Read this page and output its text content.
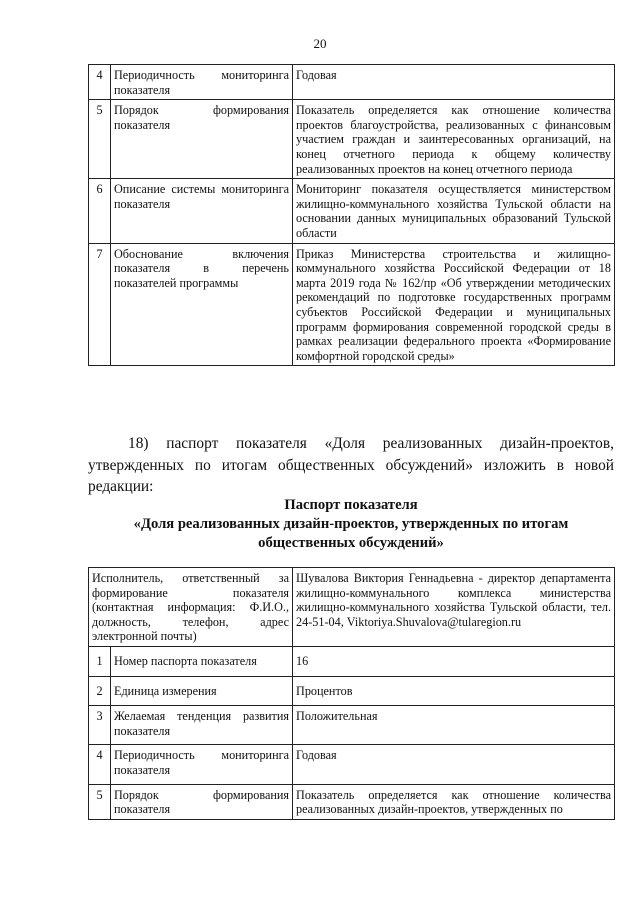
20
4	Периодичность мониторинга показателя	Годовая
5	Порядок формирования показателя	Показатель определяется как отношение количества проектов благоустройства, реализованных с финансовым участием граждан и заинтересованных организаций, на конец отчетного периода к общему количеству реализованных проектов на конец отчетного периода
6	Описание системы мониторинга показателя	Мониторинг показателя осуществляется министерством жилищно-коммунального хозяйства Тульской области на основании данных муниципальных образований Тульской области
7	Обоснование включения показателя в перечень показателей программы	Приказ Министерства строительства и жилищно-коммунального хозяйства Российской Федерации от 18 марта 2019 года № 162/пр «Об утверждении методических рекомендаций по подготовке государственных программ субъектов Российской Федерации и муниципальных программ формирования современной городской среды в рамках реализации федерального проекта «Формирование комфортной городской среды»
18) паспорт показателя «Доля реализованных дизайн-проектов, утвержденных по итогам общественных обсуждений» изложить в новой редакции:
Паспорт показателя
«Доля реализованных дизайн-проектов, утвержденных по итогам общественных обсуждений»
Исполнитель, ответственный за формирование показателя (контактная информация: Ф.И.О., должность, телефон, адрес электронной почты)		Шувалова Виктория Геннадьевна - директор департамента жилищно-коммунального комплекса министерства жилищно-коммунального хозяйства Тульской области, тел. 24-51-04, Viktoriya.Shuvalova@tularegion.ru
1	Номер паспорта показателя	16
2	Единица измерения	Процентов
3	Желаемая тенденция развития показателя	Положительная
4	Периодичность мониторинга показателя	Годовая
5	Порядок формирования показателя	Показатель определяется как отношение количества реализованных дизайн-проектов, утвержденных по
